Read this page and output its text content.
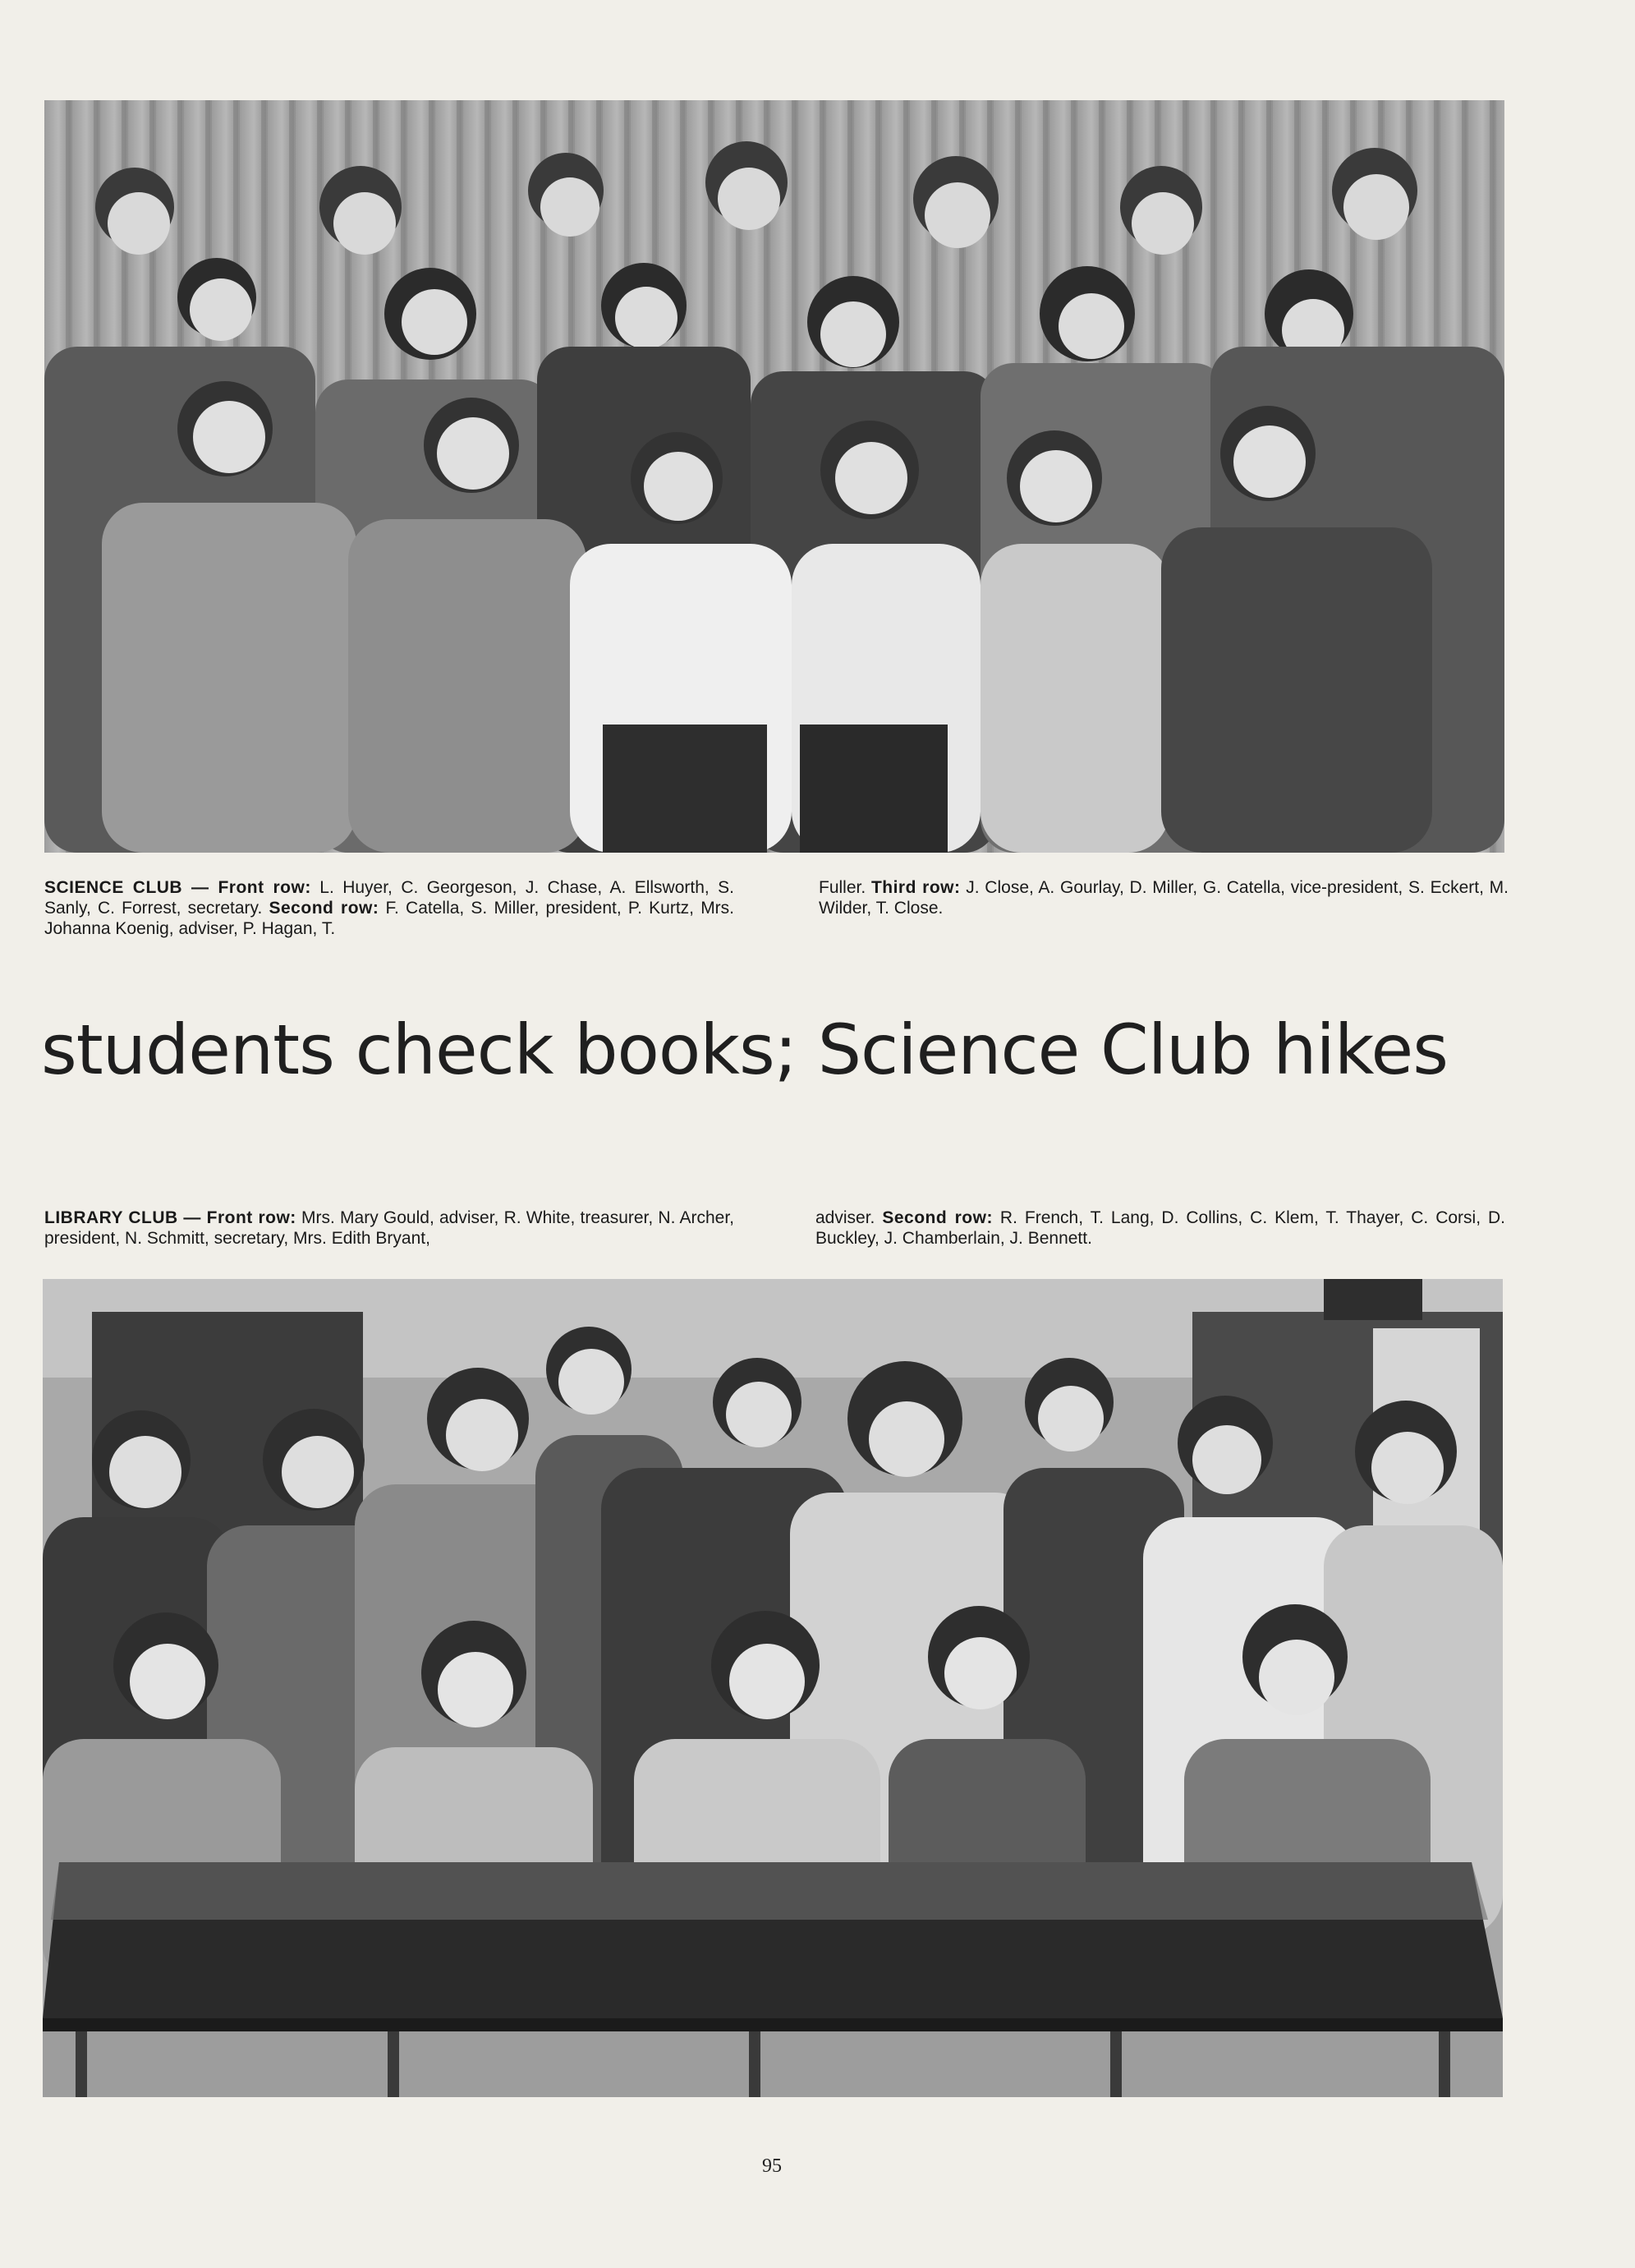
SCIENCE CLUB — Front row: L. Huyer, C. Georgeson, J. Chase, A. Ellsworth, S. Sanly, C. Forrest, secretary. Second row: F. Catella, S. Miller, president, P. Kurtz, Mrs. Johanna Koenig, adviser, P. Hagan, T.
Fuller. Third row: J. Close, A. Gourlay, D. Miller, G. Catella, vice-president, S. Eckert, M. Wilder, T. Close.
students check books; Science Club hikes
LIBRARY CLUB — Front row: Mrs. Mary Gould, adviser, R. White, treasurer, N. Archer, president, N. Schmitt, secretary, Mrs. Edith Bryant,
adviser. Second row: R. French, T. Lang, D. Collins, C. Klem, T. Thayer, C. Corsi, D. Buckley, J. Chamberlain, J. Bennett.
95
